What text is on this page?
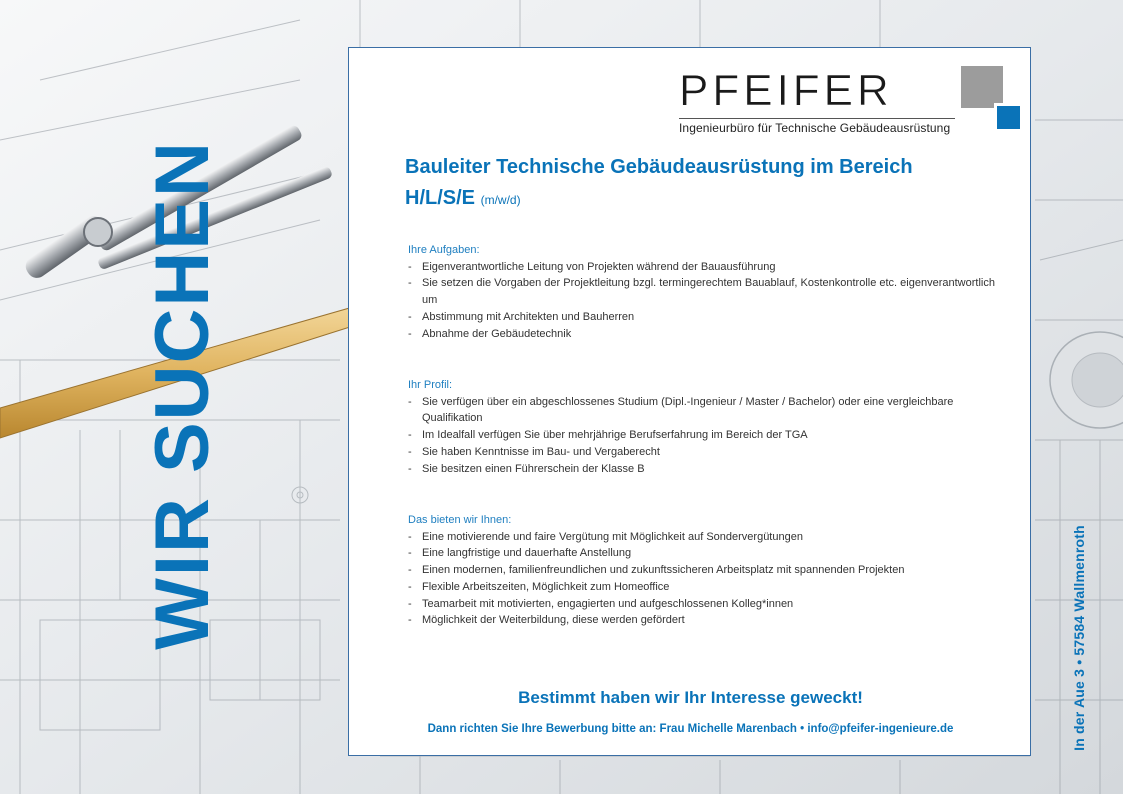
WIR SUCHEN
PFEIFER
Ingenieurbüro für Technische Gebäudeausrüstung
Bauleiter Technische Gebäudeausrüstung im Bereich
H/L/S/E (m/w/d)

Ihre Aufgaben:

- Eigenverantwortliche Leitung von Projekten während der Bauausführung
- Sie setzen die Vorgaben der Projektleitung bzgl. termingerechtem Bauablauf, Kostenkontrolle etc. eigenverantwortlich um
- Abstimmung mit Architekten und Bauherren
- Abnahme der Gebäudetechnik

Ihr Profil:

- Sie verfügen über ein abgeschlossenes Studium (Dipl.-Ingenieur / Master / Bachelor) oder eine vergleichbare Qualifikation
- Im Idealfall verfügen Sie über mehrjährige Berufserfahrung im Bereich der TGA
- Sie haben Kenntnisse im Bau- und Vergaberecht
- Sie besitzen einen Führerschein der Klasse B

Das bieten wir Ihnen:

- Eine motivierende und faire Vergütung mit Möglichkeit auf Sondervergütungen
- Eine langfristige und dauerhafte Anstellung
- Einen modernen, familienfreundlichen und zukunftssicheren Arbeitsplatz mit spannenden Projekten
- Flexible Arbeitszeiten, Möglichkeit zum Homeoffice
- Teamarbeit mit motivierten, engagierten und aufgeschlossenen Kolleg*innen
- Möglichkeit der Weiterbildung, diese werden gefördert

Bestimmt haben wir Ihr Interesse geweckt!

Dann richten Sie Ihre Bewerbung bitte an: Frau Michelle Marenbach • info@pfeifer-ingenieure.de	In der Aue 3 • 57584 Wallmenroth
